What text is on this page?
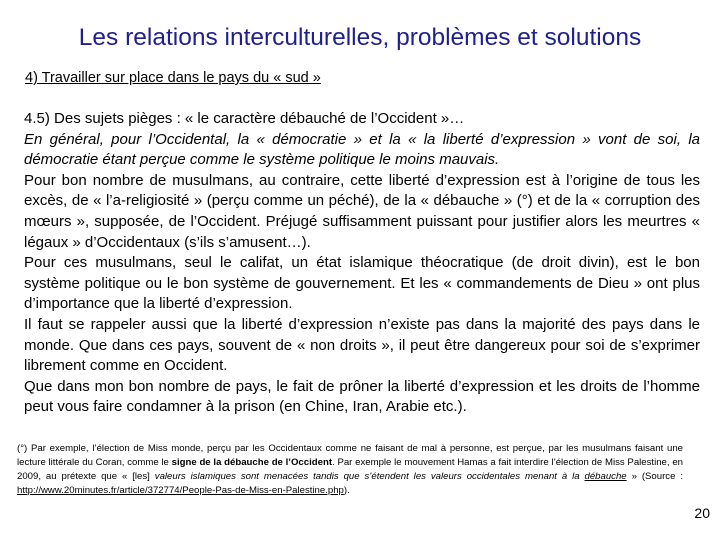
Les relations interculturelles, problèmes et solutions
4) Travailler sur place dans le pays du « sud »

4.5) Des sujets pièges : « le caractère débauché de l’Occident »…

En général, pour l’Occidental, la « démocratie » et la « la liberté d’expression » vont de soi, la démocratie étant perçue comme le système politique le moins mauvais.

Pour bon nombre de musulmans, au contraire, cette liberté d’expression est à l’origine de tous les excès, de « l’a-religiosité » (perçu comme un péché), de la « débauche » (°) et de la « corruption des mœurs », supposée, de l’Occident. Préjugé suffisamment puissant pour justifier alors les meurtres « légaux » d’Occidentaux (s’ils s’amusent…).

Pour ces musulmans, seul le califat, un état islamique théocratique (de droit divin), est le bon système politique ou le bon système de gouvernement. Et les « commandements de Dieu » ont plus d’importance que la liberté d’expression.

Il faut se rappeler aussi que la liberté d’expression n’existe pas dans la majorité des pays dans le monde. Que dans ces pays, souvent de « non droits », il peut être dangereux pour soi de s’exprimer librement comme en Occident.

Que dans mon bon nombre de pays, le fait de prôner la liberté d’expression et les droits de l’homme peut vous faire condamner à la prison (en Chine, Iran, Arabie etc.).

(°) Par exemple, l’élection de Miss monde, perçu par les Occidentaux comme ne faisant de mal à personne, est perçue, par les musulmans faisant une lecture littérale du Coran, comme le signe de la débauche de l’Occident. Par exemple le mouvement Hamas a fait interdire l’élection de Miss Palestine, en 2009, au prétexte que « [les] valeurs islamiques sont menacées tandis que s’étendent les valeurs occidentales menant à la débauche » (Source : http://www.20minutes.fr/article/372774/People-Pas-de-Miss-en-Palestine.php).
20
